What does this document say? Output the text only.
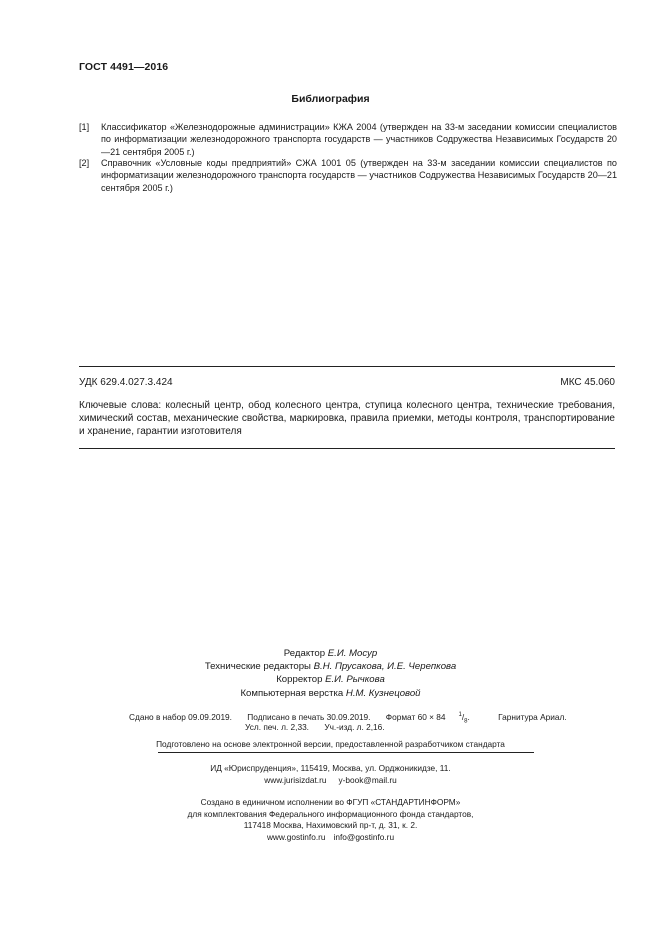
ГОСТ 4491—2016
Библиография
[1] Классификатор «Железнодорожные администрации» КЖА 2004 (утвержден на 33-м заседании комиссии специалистов по информатизации железнодорожного транспорта государств — участников Содружества Независимых Государств 20—21 сентября 2005 г.)
[2] Справочник «Условные коды предприятий» СЖА 1001 05 (утвержден на 33-м заседании комиссии специалистов по информатизации железнодорожного транспорта государств — участников Содружества Независимых Государств 20—21 сентября 2005 г.)
УДК 629.4.027.3.424	МКС 45.060
Ключевые слова: колесный центр, обод колесного центра, ступица колесного центра, технические требования, химический состав, механические свойства, маркировка, правила приемки, методы контроля, транспортирование и хранение, гарантии изготовителя
Редактор Е.И. Мосур
Технические редакторы В.Н. Прусакова, И.Е. Черепкова
Корректор Е.И. Рычкова
Компьютерная верстка Н.М. Кузнецовой
Сдано в набор 09.09.2019. Подписано в печать 30.09.2019. Формат 60 × 84 $^1/_8$.	Гарнитура Ариал.
Усл. печ. л. 2,33. Уч.-изд. л. 2,16.
Подготовлено на основе электронной версии, предоставленной разработчиком стандарта
ИД «Юриспруденция», 115419, Москва, ул. Орджоникидзе, 11.
www.jurisizdat.ru y-book@mail.ru
Создано в единичном исполнении во ФГУП «СТАНДАРТИНФОРМ»
для комплектования Федерального информационного фонда стандартов,
117418 Москва, Нахимовский пр-т, д. 31, к. 2.
www.gostinfo.ru info@gostinfo.ru
